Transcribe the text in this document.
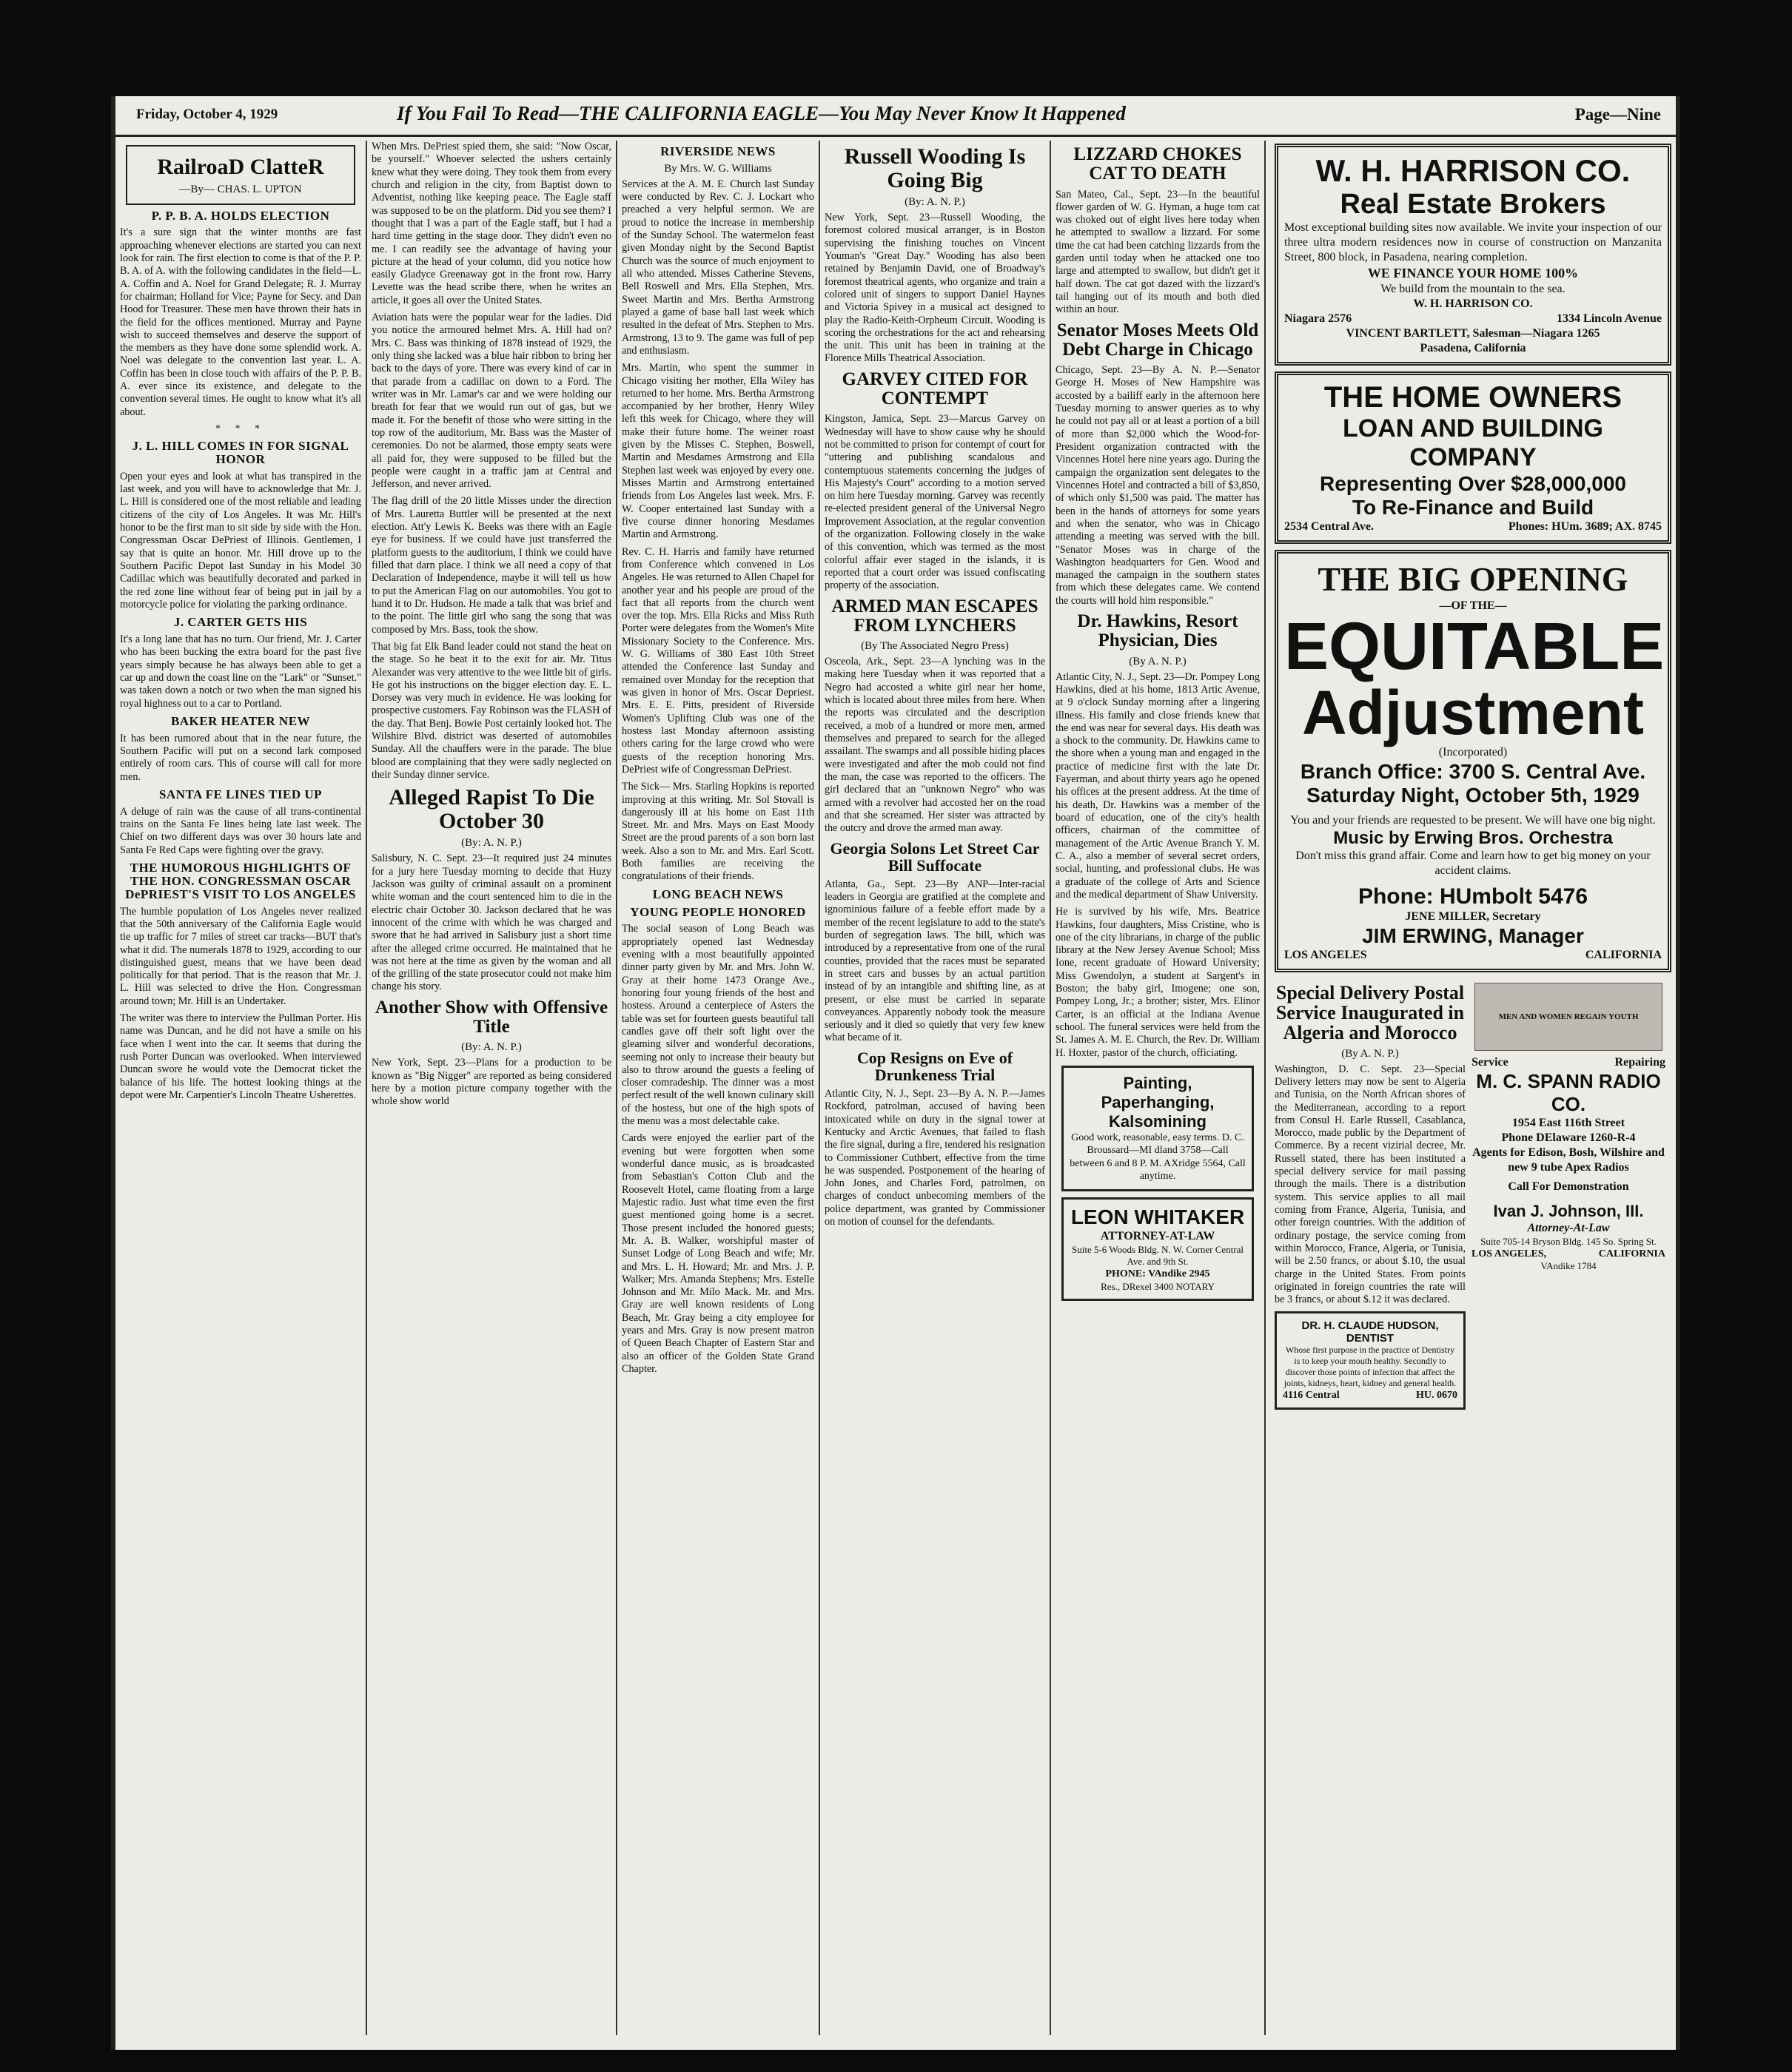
Friday, October 4, 1929	If You Fail To Read—THE CALIFORNIA EAGLE—You May Never Know It Happened	Page—Nine
RailroaD ClatteR
—By— CHAS. L. UPTON
P. P. B. A. HOLDS ELECTION

It's a sure sign that the winter months are fast approaching whenever elections are started you can next look for rain. The first election to come is that of the P. P. B. A. of A. with the following candidates in the field—L. A. Coffin and A. Noel for Grand Delegate; R. J. Murray for chairman; Holland for Vice; Payne for Secy. and Dan Hood for Treasurer. These men have thrown their hats in the field for the offices mentioned. Murray and Payne wish to succeed themselves and deserve the support of the members as they have done some splendid work. A. Noel was delegate to the convention last year. L. A. Coffin has been in close touch with affairs of the P. P. B. A. ever since its existence, and delegate to the convention several times. He ought to know what it's all about.

* * *
J. L. HILL COMES IN FOR SIGNAL HONOR

Open your eyes and look at what has transpired in the last week, and you will have to acknowledge that Mr. J. L. Hill is considered one of the most reliable and leading citizens of the city of Los Angeles. It was Mr. Hill's honor to be the first man to sit side by side with the Hon. Congressman Oscar DePriest of Illinois. Gentlemen, I say that is quite an honor. Mr. Hill drove up to the Southern Pacific Depot last Sunday in his Model 30 Cadillac which was beautifully decorated and parked in the red zone line without fear of being put in jail by a motorcycle police for violating the parking ordinance.

J. CARTER GETS HIS

It's a long lane that has no turn. Our friend, Mr. J. Carter who has been bucking the extra board for the past five years simply because he has always been able to get a car up and down the coast line on the "Lark" or "Sunset." was taken down a notch or two when the man signed his royal highness out to a car to Portland.

BAKER HEATER NEW

It has been rumored about that in the near future, the Southern Pacific will put on a second lark composed entirely of room cars. This of course will call for more men.

SANTA FE LINES TIED UP

A deluge of rain was the cause of all trans-continental trains on the Santa Fe lines being late last week. The Chief on two different days was over 30 hours late and Santa Fe Red Caps were fighting over the gravy.

THE HUMOROUS HIGHLIGHTS OF THE HON. CONGRESSMAN OSCAR DePRIEST'S VISIT TO LOS ANGELES

The humble population of Los Angeles never realized that the 50th anniversary of the California Eagle would tie up traffic for 7 miles of street car tracks—BUT that's what it did. The numerals 1878 to 1929, according to our distinguished guest, means that we have been dead politically for that period. That is the reason that Mr. J. L. Hill was selected to drive the Hon. Congressman around town; Mr. Hill is an Undertaker.

The writer was there to interview the Pullman Porter. His name was Duncan, and he did not have a smile on his face when I went into the car. It seems that during the rush Porter Duncan was overlooked. When interviewed Duncan swore he would vote the Democrat ticket the balance of his life. The hottest looking things at the depot were Mr. Carpentier's Lincoln Theatre Usherettes.

When Mrs. DePriest spied them, she said: "Now Oscar, be yourself." Whoever selected the ushers certainly knew what they were doing. They took them from every church and religion in the city, from Baptist down to Adventist, nothing like keeping peace. The Eagle staff was supposed to be on the platform. Did you see them? I thought that I was a part of the Eagle staff, but I had a hard time getting in the stage door. They didn't even no me. I can readily see the advantage of having your picture at the head of your column, did you notice how easily Gladyce Greenaway got in the front row. Harry Levette was the head scribe there, when he writes an article, it goes all over the United States.

Aviation hats were the popular wear for the ladies. Did you notice the armoured helmet Mrs. A. Hill had on? Mrs. C. Bass was thinking of 1878 instead of 1929, the only thing she lacked was a blue hair ribbon to bring her back to the days of yore. There was every kind of car in that parade from a cadillac on down to a Ford. The writer was in Mr. Lamar's car and we were holding our breath for fear that we would run out of gas, but we made it. For the benefit of those who were sitting in the top row of the auditorium, Mr. Bass was the Master of ceremonies. Do not be alarmed, those empty seats were all paid for, they were supposed to be filled but the people were caught in a traffic jam at Central and Jefferson, and never arrived.

The flag drill of the 20 little Misses under the direction of Mrs. Lauretta Buttler will be presented at the next election. Att'y Lewis K. Beeks was there with an Eagle eye for business. If we could have just transferred the platform guests to the auditorium, I think we could have filled that darn place. I think we all need a copy of that Declaration of Independence, maybe it will tell us how to put the American Flag on our automobiles. You got to hand it to Dr. Hudson. He made a talk that was brief and to the point. The little girl who sang the song that was composed by Mrs. Bass, took the show.

That big fat Elk Band leader could not stand the heat on the stage. So he beat it to the exit for air. Mr. Titus Alexander was very attentive to the wee little bit of girls. He got his instructions on the bigger election day. E. L. Dorsey was very much in evidence. He was looking for prospective customers. Fay Robinson was the FLASH of the day. That Benj. Bowie Post certainly looked hot. The Wilshire Blvd. district was deserted of automobiles Sunday. All the chauffers were in the parade. The blue blood are complaining that they were sadly neglected on their Sunday dinner service.

Alleged Rapist To Die October 30
(By: A. N. P.)

Salisbury, N. C. Sept. 23—It required just 24 minutes for a jury here Tuesday morning to decide that Huzy Jackson was guilty of criminal assault on a prominent white woman and the court sentenced him to die in the electric chair October 30. Jackson declared that he was innocent of the crime with which he was charged and swore that he had arrived in Salisbury just a short time after the alleged crime occurred. He maintained that he was not here at the time as given by the woman and all of the grilling of the state prosecutor could not make him change his story.

Another Show with Offensive Title
(By: A. N. P.)

New York, Sept. 23—Plans for a production to be known as "Big Nigger" are reported as being considered here by a motion picture company together with the whole show world

RIVERSIDE NEWS
By Mrs. W. G. Williams

Services at the A. M. E. Church last Sunday were conducted by Rev. C. J. Lockart who preached a very helpful sermon. We are proud to notice the increase in membership of the Sunday School. The watermelon feast given Monday night by the Second Baptist Church was the source of much enjoyment to all who attended. Misses Catherine Stevens, Bell Roswell and Mrs. Ella Stephen, Mrs. Sweet Martin and Mrs. Bertha Armstrong played a game of base ball last week which resulted in the defeat of Mrs. Stephen to Mrs. Armstrong, 13 to 9. The game was full of pep and enthusiasm.

Mrs. Martin, who spent the summer in Chicago visiting her mother, Ella Wiley has returned to her home. Mrs. Bertha Armstrong accompanied by her brother, Henry Wiley left this week for Chicago, where they will make their future home. The weiner roast given by the Misses C. Stephen, Boswell, Martin and Mesdames Armstrong and Ella Stephen last week was enjoyed by every one. Misses Martin and Armstrong entertained friends from Los Angeles last week. Mrs. F. W. Cooper entertained last Sunday with a five course dinner honoring Mesdames Martin and Armstrong.

Rev. C. H. Harris and family have returned from Conference which convened in Los Angeles. He was returned to Allen Chapel for another year and his people are proud of the fact that all reports from the church went over the top. Mrs. Ella Ricks and Miss Ruth Porter were delegates from the Women's Mite Missionary Society to the Conference. Mrs. W. G. Williams of 380 East 10th Street attended the Conference last Sunday and remained over Monday for the reception that was given in honor of Mrs. Oscar Depriest. Mrs. E. E. Pitts, president of Riverside Women's Uplifting Club was one of the hostess last Monday afternoon assisting others caring for the large crowd who were guests of the reception honoring Mrs. DePriest wife of Congressman DePriest.

The Sick— Mrs. Starling Hopkins is reported improving at this writing. Mr. Sol Stovall is dangerously ill at his home on East 11th Street. Mr. and Mrs. Mays on East Moody Street are the proud parents of a son born last week. Also a son to Mr. and Mrs. Earl Scott. Both families are receiving the congratulations of their friends.

LONG BEACH NEWS
YOUNG PEOPLE HONORED

The social season of Long Beach was appropriately opened last Wednesday evening with a most beautifully appointed dinner party given by Mr. and Mrs. John W. Gray at their home 1473 Orange Ave., honoring four young friends of the host and hostess. Around a centerpiece of Asters the table was set for fourteen guests beautiful tall candles gave off their soft light over the gleaming silver and wonderful decorations, seeming not only to increase their beauty but also to throw around the guests a feeling of closer comradeship. The dinner was a most perfect result of the well known culinary skill of the hostess, but one of the high spots of the menu was a most delectable cake.

Cards were enjoyed the earlier part of the evening but were forgotten when some wonderful dance music, as is broadcasted from Sebastian's Cotton Club and the Roosevelt Hotel, came floating from a large Majestic radio. Just what time even the first guest mentioned going home is a secret. Those present included the honored guests; Mr. A. B. Walker, worshipful master of Sunset Lodge of Long Beach and wife; Mr. and Mrs. L. H. Howard; Mr. and Mrs. J. P. Walker; Mrs. Amanda Stephens; Mrs. Estelle Johnson and Mr. Milo Mack. Mr. and Mrs. Gray are well known residents of Long Beach, Mr. Gray being a city employee for years and Mrs. Gray is now present matron of Queen Beach Chapter of Eastern Star and also an officer of the Golden State Grand Chapter.

Russell Wooding Is Going Big
(By: A. N. P.)

New York, Sept. 23—Russell Wooding, the foremost colored musical arranger, is in Boston supervising the finishing touches on Vincent Youman's "Great Day." Wooding has also been retained by Benjamin David, one of Broadway's foremost theatrical agents, who organize and train a colored unit of singers to support Daniel Haynes and Victoria Spivey in a musical act designed to play the Radio-Keith-Orpheum Circuit. Wooding is scoring the orchestrations for the act and rehearsing the unit. This unit has been in training at the Florence Mills Theatrical Association.

GARVEY CITED FOR CONTEMPT

Kingston, Jamica, Sept. 23—Marcus Garvey on Wednesday will have to show cause why he should not be committed to prison for contempt of court for "uttering and publishing scandalous and contemptuous statements concerning the judges of His Majesty's Court" according to a motion served on him here Tuesday morning. Garvey was recently re-elected president general of the Universal Negro Improvement Association, at the regular convention of the organization. Following closely in the wake of this convention, which was termed as the most colorful affair ever staged in the islands, it is reported that a court order was issued confiscating property of the association.

ARMED MAN ESCAPES FROM LYNCHERS
(By The Associated Negro Press)

Osceola, Ark., Sept. 23—A lynching was in the making here Tuesday when it was reported that a Negro had accosted a white girl near her home, which is located about three miles from here. When the reports was circulated and the description received, a mob of a hundred or more men, armed themselves and prepared to search for the alleged assailant. The swamps and all possible hiding places were investigated and after the mob could not find the man, the case was reported to the officers. The girl declared that an "unknown Negro" who was armed with a revolver had accosted her on the road and that she screamed. Her sister was attracted by the outcry and drove the armed man away.

Georgia Solons Let Street Car Bill Suffocate

Atlanta, Ga., Sept. 23—By ANP—Inter-racial leaders in Georgia are gratified at the complete and ignominious failure of a feeble effort made by a member of the recent legislature to add to the state's burden of segregation laws. The bill, which was introduced by a representative from one of the rural counties, provided that the races must be separated in street cars and busses by an actual partition instead of by an intangible and shifting line, as at present, or else must be carried in separate conveyances. Apparently nobody took the measure seriously and it died so quietly that very few knew what became of it.

Cop Resigns on Eve of Drunkeness Trial

Atlantic City, N. J., Sept. 23—By A. N. P.—James Rockford, patrolman, accused of having been intoxicated while on duty in the signal tower at Kentucky and Arctic Avenues, that failed to flash the fire signal, during a fire, tendered his resignation to Commissioner Cuthbert, effective from the time he was suspended. Postponement of the hearing of John Jones, and Charles Ford, patrolmen, on charges of conduct unbecoming members of the police department, was granted by Commissioner on motion of counsel for the defendants.

LIZZARD CHOKES CAT TO DEATH

San Mateo, Cal., Sept. 23—In the beautiful flower garden of W. G. Hyman, a huge tom cat was choked out of eight lives here today when he attempted to swallow a lizzard. For some time the cat had been catching lizzards from the garden until today when he attacked one too large and attempted to swallow, but didn't get it half down. The cat got dazed with the lizzard's tail hanging out of its mouth and both died within an hour.

Senator Moses Meets Old Debt Charge in Chicago

Chicago, Sept. 23—By A. N. P.—Senator George H. Moses of New Hampshire was accosted by a bailiff early in the afternoon here Tuesday morning to answer queries as to why he could not pay all or at least a portion of a bill of more than $2,000 which the Wood-for-President organization contracted with the Vincennes Hotel here nine years ago. During the campaign the organization sent delegates to the Vincennes Hotel and contracted a bill of $3,850, of which only $1,500 was paid. The matter has been in the hands of attorneys for some years and when the senator, who was in Chicago attending a meeting was served with the bill. "Senator Moses was in charge of the Washington headquarters for Gen. Wood and managed the campaign in the southern states from which these delegates came. We contend the courts will hold him responsible."

Dr. Hawkins, Resort Physician, Dies
(By A. N. P.)

Atlantic City, N. J., Sept. 23—Dr. Pompey Long Hawkins, died at his home, 1813 Artic Avenue, at 9 o'clock Sunday morning after a lingering illness. His family and close friends knew that the end was near for several days. His death was a shock to the community. Dr. Hawkins came to the shore when a young man and engaged in the practice of medicine first with the late Dr. Fayerman, and about thirty years ago he opened his offices at the present address. At the time of his death, Dr. Hawkins was a member of the board of education, one of the city's health officers, chairman of the committee of management of the Artic Avenue Branch Y. M. C. A., also a member of several secret orders, social, hunting, and professional clubs. He was a graduate of the college of Arts and Science and the medical department of Shaw University.

He is survived by his wife, Mrs. Beatrice Hawkins, four daughters, Miss Cristine, who is one of the city librarians, in charge of the public library at the New Jersey Avenue School; Miss Ione, recent graduate of Howard University; Miss Gwendolyn, a student at Sargent's in Boston; the baby girl, Imogene; one son, Pompey Long, Jr.; a brother; sister, Mrs. Elinor Carter, is an official at the Indiana Avenue school. The funeral services were held from the St. James A. M. E. Church, the Rev. Dr. William H. Hoxter, pastor of the church, officiating.

Painting, Paperhanging, Kalsomining
Good work, reasonable, easy terms. D. C. Broussard—MI dland 3758—Call between 6 and 8 P. M. AXridge 5564, Call anytime.
LEON WHITAKER
ATTORNEY-AT-LAW
Suite 5-6 Woods Bldg. N. W. Corner Central Ave. and 9th St.
PHONE: VAndike 2945
Res., DRexel 3400 NOTARY
W. H. HARRISON CO.
Real Estate Brokers
Most exceptional building sites now available. We invite your inspection of our three ultra modern residences now in course of construction on Manzanita Street, 800 block, in Pasadena, nearing completion.
WE FINANCE YOUR HOME 100%
We build from the mountain to the sea.
W. H. HARRISON CO.
Niagara 2576	1334 Lincoln Avenue
VINCENT BARTLETT, Salesman—Niagara 1265
Pasadena, California
THE HOME OWNERS
LOAN AND BUILDING COMPANY
Representing Over $28,000,000
To Re-Finance and Build
2534 Central Ave.	Phones: HUm. 3689; AX. 8745
THE BIG OPENING
—OF THE—
EQUITABLE
Adjustment
(Incorporated)
Branch Office: 3700 S. Central Ave.
Saturday Night, October 5th, 1929
You and your friends are requested to be present. We will have one big night.
Music by Erwing Bros. Orchestra
Don't miss this grand affair. Come and learn how to get big money on your accident claims.
Phone: HUmbolt 5476
JENE MILLER, Secretary
JIM ERWING, Manager
LOS ANGELES	CALIFORNIA
Special Delivery Postal Service Inaugurated in Algeria and Morocco
(By A. N. P.)

Washington, D. C. Sept. 23—Special Delivery letters may now be sent to Algeria and Tunisia, on the North African shores of the Mediterranean, according to a report from Consul H. Earle Russell, Casablanca, Morocco, made public by the Department of Commerce. By a recent vizirial decree, Mr. Russell stated, there has been instituted a special delivery service for mail passing through the mails. There is a distribution system. This service applies to all mail coming from France, Algeria, Tunisia, and other foreign countries. With the addition of ordinary postage, the service coming from within Morocco, France, Algeria, or Tunisia, will be 2.50 francs, or about $.10, the usual charge in the United States. From points originated in foreign countries the rate will be 3 francs, or about $.12 it was declared.

DR. H. CLAUDE HUDSON, DENTIST
Whose first purpose in the practice of Dentistry is to keep your mouth healthy. Secondly to discover those points of infection that affect the joints, kidneys, heart, kidney and general health.
4116 Central	HU. 0670
MEN AND WOMEN REGAIN YOUTH
Service	Repairing
M. C. SPANN RADIO CO.
1954 East 116th Street
Phone DElaware 1260-R-4
Agents for Edison, Bosh, Wilshire and new 9 tube Apex Radios
Call For Demonstration
Ivan J. Johnson, III.
Attorney-At-Law
Suite 705-14 Bryson Bldg. 145 So. Spring St.
LOS ANGELES,	CALIFORNIA
VAndike 1784
